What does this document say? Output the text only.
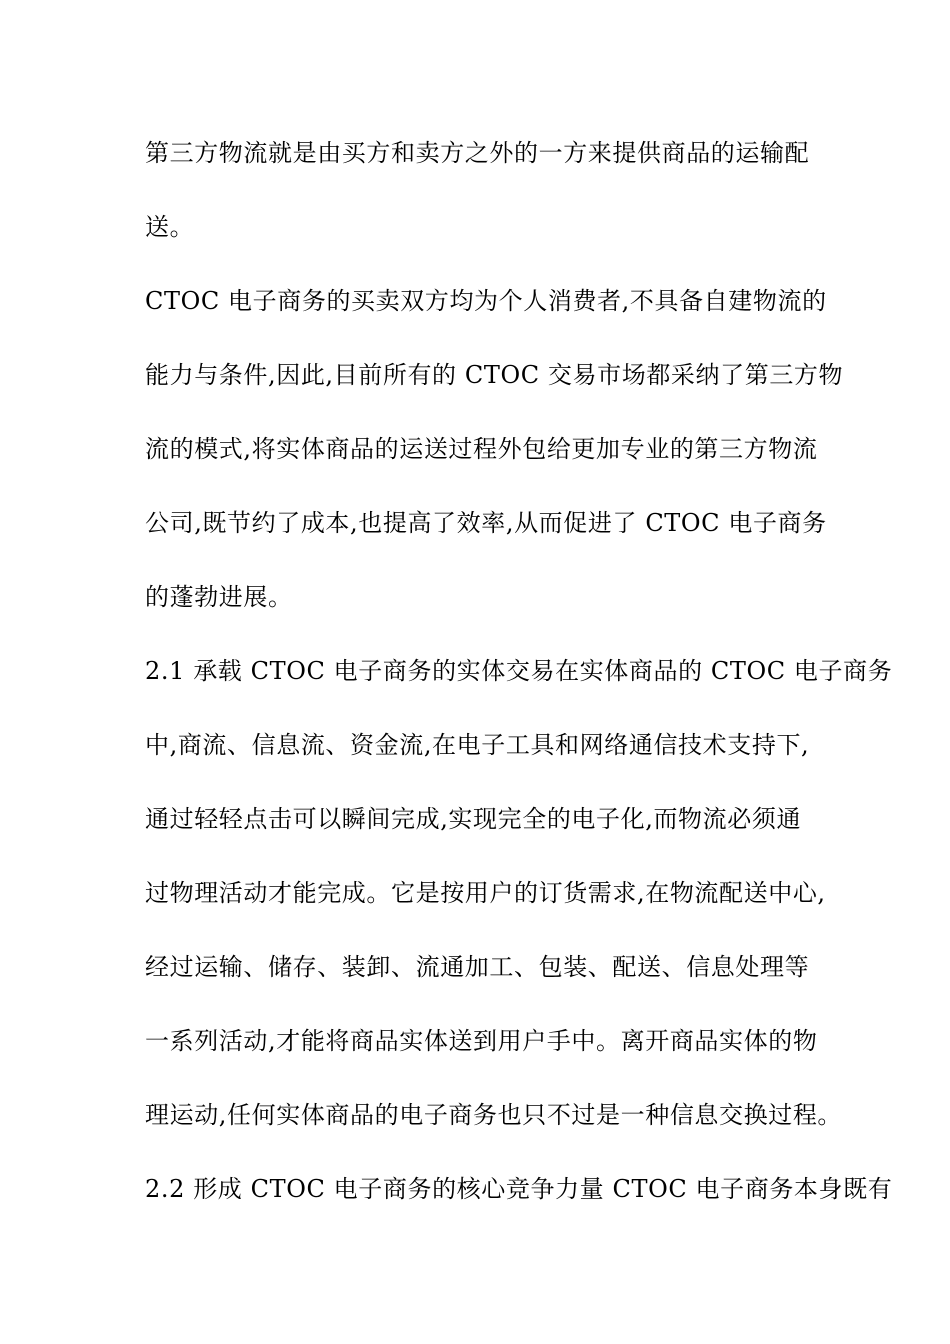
第三方物流就是由买方和卖方之外的一方来提供商品的运输配
送。
CTOC 电子商务的买卖双方均为个人消费者,不具备自建物流的
能力与条件,因此,目前所有的 CTOC 交易市场都采纳了第三方物
流的模式,将实体商品的运送过程外包给更加专业的第三方物流
公司,既节约了成本,也提高了效率,从而促进了 CTOC 电子商务
的蓬勃进展。
2.1 承载 CTOC 电子商务的实体交易在实体商品的 CTOC 电子商务
中,商流、信息流、资金流,在电子工具和网络通信技术支持下,
通过轻轻点击可以瞬间完成,实现完全的电子化,而物流必须通
过物理活动才能完成。它是按用户的订货需求,在物流配送中心,
经过运输、储存、装卸、流通加工、包装、配送、信息处理等
一系列活动,才能将商品实体送到用户手中。离开商品实体的物
理运动,任何实体商品的电子商务也只不过是一种信息交换过程。
2.2 形成 CTOC 电子商务的核心竞争力量 CTOC 电子商务本身既有
